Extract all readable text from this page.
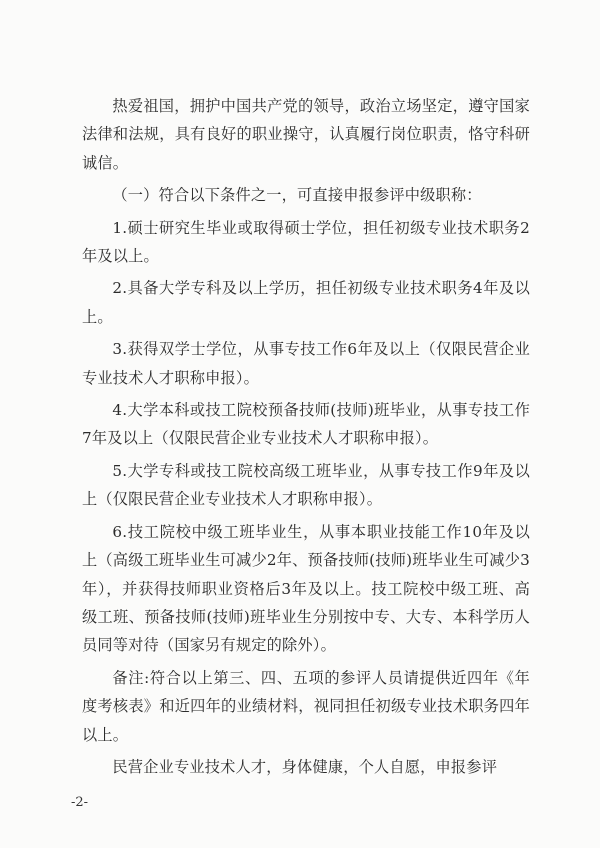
热爱祖国，拥护中国共产党的领导，政治立场坚定，遵守国家法律和法规，具有良好的职业操守，认真履行岗位职责，恪守科研诚信。

（一）符合以下条件之一，可直接申报参评中级职称：

1.硕士研究生毕业或取得硕士学位，担任初级专业技术职务2年及以上。

2.具备大学专科及以上学历，担任初级专业技术职务4年及以上。

3.获得双学士学位，从事专技工作6年及以上（仅限民营企业专业技术人才职称申报）。

4.大学本科或技工院校预备技师(技师)班毕业，从事专技工作7年及以上（仅限民营企业专业技术人才职称申报）。

5.大学专科或技工院校高级工班毕业，从事专技工作9年及以上（仅限民营企业专业技术人才职称申报）。

6.技工院校中级工班毕业生，从事本职业技能工作10年及以上（高级工班毕业生可减少2年、预备技师(技师)班毕业生可减少3年），并获得技师职业资格后3年及以上。技工院校中级工班、高级工班、预备技师(技师)班毕业生分别按中专、大专、本科学历人员同等对待（国家另有规定的除外）。

备注:符合以上第三、四、五项的参评人员请提供近四年《年度考核表》和近四年的业绩材料，视同担任初级专业技术职务四年以上。

民营企业专业技术人才，身体健康，个人自愿，申报参评

-2-
